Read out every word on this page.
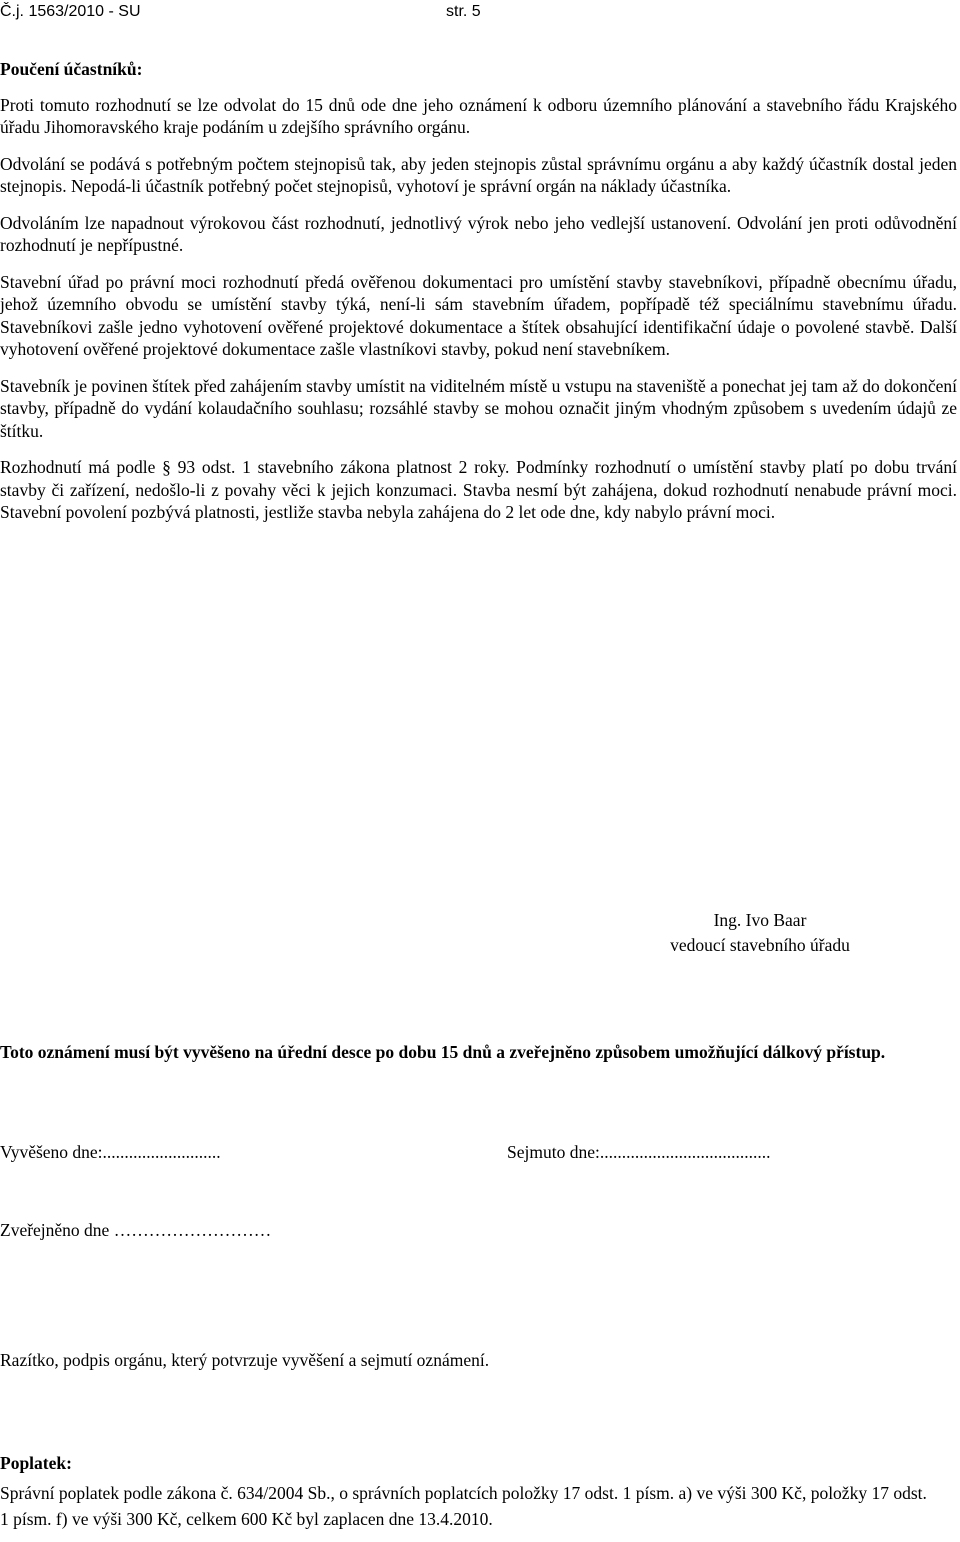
Č.j. 1563/2010 - SU	str. 5
Poučení účastníků:

Proti tomuto rozhodnutí se lze odvolat do 15 dnů ode dne jeho oznámení k odboru územního plánování a stavebního řádu Krajského úřadu Jihomoravského kraje podáním u zdejšího správního orgánu.

Odvolání se podává s potřebným počtem stejnopisů tak, aby jeden stejnopis zůstal správnímu orgánu a aby každý účastník dostal jeden stejnopis. Nepodá-li účastník potřebný počet stejnopisů, vyhotoví je správní orgán na náklady účastníka.

Odvoláním lze napadnout výrokovou část rozhodnutí, jednotlivý výrok nebo jeho vedlejší ustanovení. Odvolání jen proti odůvodnění rozhodnutí je nepřípustné.

Stavební úřad po právní moci rozhodnutí předá ověřenou dokumentaci pro umístění stavby stavebníkovi, případně obecnímu úřadu, jehož územního obvodu se umístění stavby týká, není-li sám stavebním úřadem, popřípadě též speciálnímu stavebnímu úřadu. Stavebníkovi zašle jedno vyhotovení ověřené projektové dokumentace a štítek obsahující identifikační údaje o povolené stavbě. Další vyhotovení ověřené projektové dokumentace zašle vlastníkovi stavby, pokud není stavebníkem.

Stavebník je povinen štítek před zahájením stavby umístit na viditelném místě u vstupu na staveniště a ponechat jej tam až do dokončení stavby, případně do vydání kolaudačního souhlasu; rozsáhlé stavby se mohou označit jiným vhodným způsobem s uvedením údajů ze štítku.

Rozhodnutí má podle § 93 odst. 1 stavebního zákona platnost 2 roky. Podmínky rozhodnutí o umístění stavby platí po dobu trvání stavby či zařízení, nedošlo-li z povahy věci k jejich konzumaci. Stavba nesmí být zahájena, dokud rozhodnutí nenabude právní moci. Stavební povolení pozbývá platnosti, jestliže stavba nebyla zahájena do 2 let ode dne, kdy nabylo právní moci.

Ing. Ivo Baar
vedoucí stavebního úřadu
Toto oznámení musí být vyvěšeno na úřední desce po dobu 15 dnů a zveřejněno způsobem umožňující dálkový přístup.
Vyvěšeno dne:...........................	Sejmuto dne:.......................................
Zveřejněno dne ………………………
Razítko, podpis orgánu, který potvrzuje vyvěšení a sejmutí oznámení.
Poplatek:
Správní poplatek podle zákona č. 634/2004 Sb., o správních poplatcích položky 17 odst. 1 písm. a) ve výši 300 Kč, položky 17 odst. 1 písm. f) ve výši 300 Kč, celkem 600 Kč byl zaplacen dne 13.4.2010.
